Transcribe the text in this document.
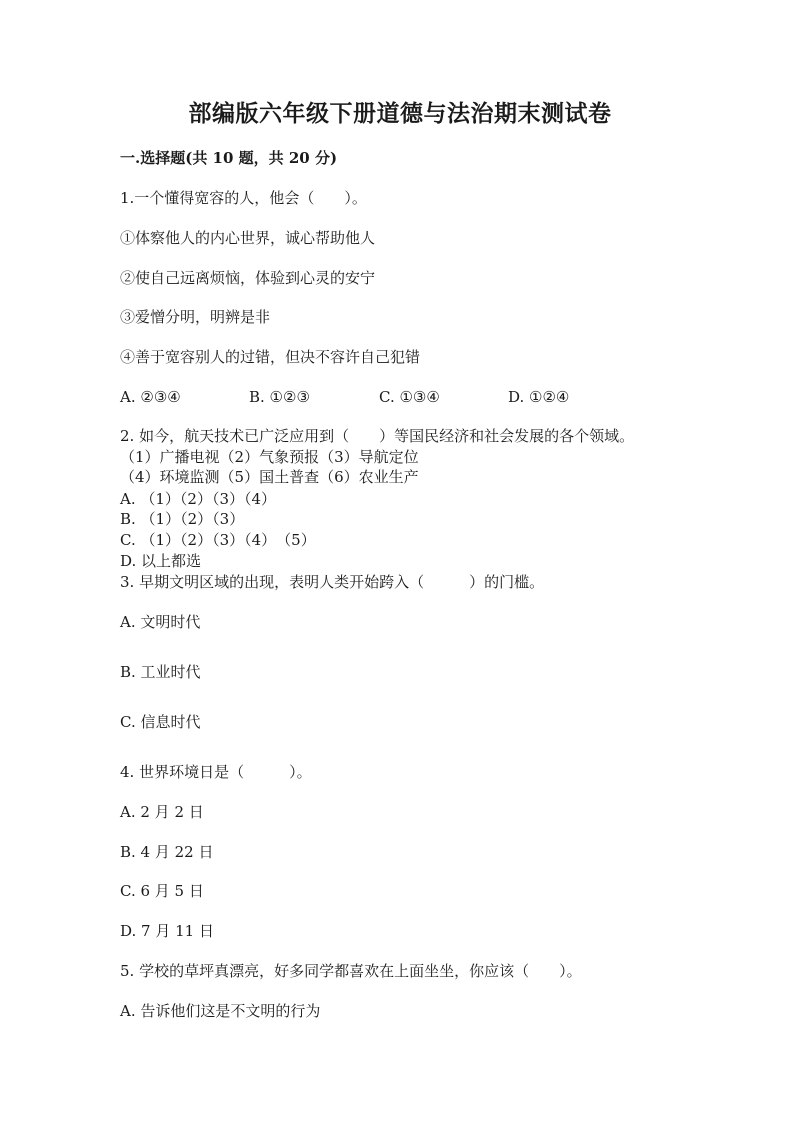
部编版六年级下册道德与法治期末测试卷
一.选择题(共 10 题，共 20 分)
1.一个懂得宽容的人，他会（　　）。
①体察他人的内心世界，诚心帮助他人
②使自己远离烦恼，体验到心灵的安宁
③爱憎分明，明辨是非
④善于宽容别人的过错，但决不容许自己犯错
A. ②③④	B. ①②③	C. ①③④	D. ①②④
2. 如今，航天技术已广泛应用到（　　）等国民经济和社会发展的各个领域。
（1）广播电视（2）气象预报（3）导航定位
（4）环境监测（5）国土普查（6）农业生产
A. （1）（2）（3）（4）
B. （1）（2）（3）
C. （1）（2）（3）（4）　（5）
D. 以上都选
3. 早期文明区域的出现，表明人类开始跨入（　　　）的门槛。
A. 文明时代
B. 工业时代
C. 信息时代
4. 世界环境日是（　　　）。
A. 2 月 2 日
B. 4 月 22 日
C. 6 月 5 日
D. 7 月 11 日
5. 学校的草坪真漂亮，好多同学都喜欢在上面坐坐，你应该（　　）。
A. 告诉他们这是不文明的行为
